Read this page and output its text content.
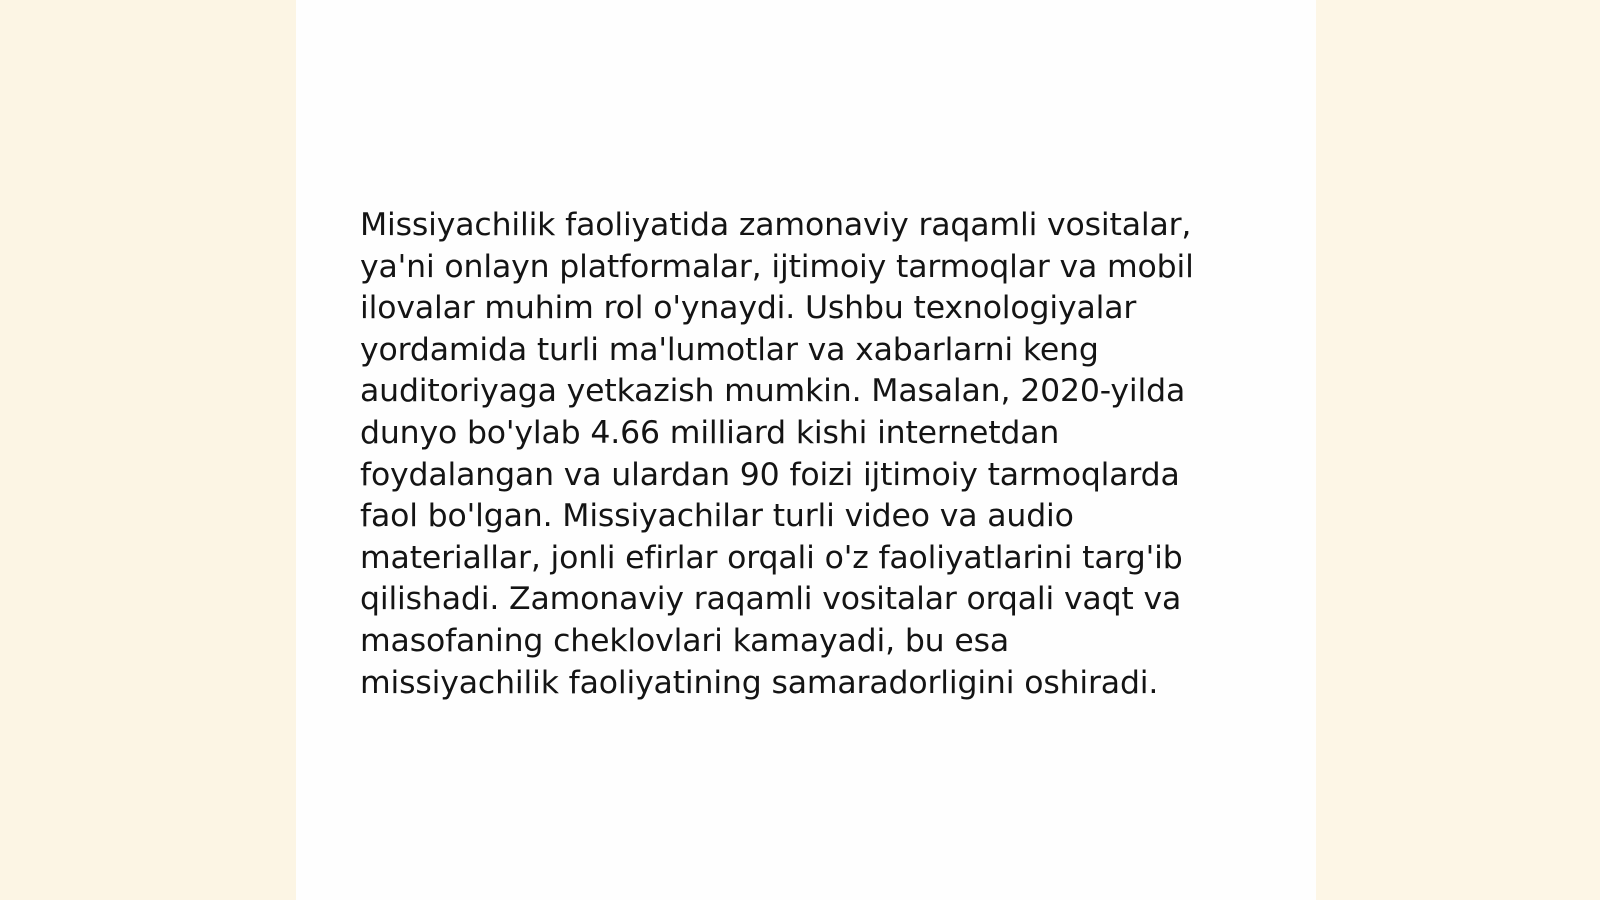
Missiyachilik faoliyatida zamonaviy raqamli vositalar,
ya'ni onlayn platformalar, ijtimoiy tarmoqlar va mobil
ilovalar muhim rol o'ynaydi. Ushbu texnologiyalar
yordamida turli ma'lumotlar va xabarlarni keng
auditoriyaga yetkazish mumkin. Masalan, 2020-yilda
dunyo bo'ylab 4.66 milliard kishi internetdan
foydalangan va ulardan 90 foizi ijtimoiy tarmoqlarda
faol bo'lgan. Missiyachilar turli video va audio
materiallar, jonli efirlar orqali o'z faoliyatlarini targ'ib
qilishadi. Zamonaviy raqamli vositalar orqali vaqt va
masofaning cheklovlari kamayadi, bu esa
missiyachilik faoliyatining samaradorligini oshiradi.
